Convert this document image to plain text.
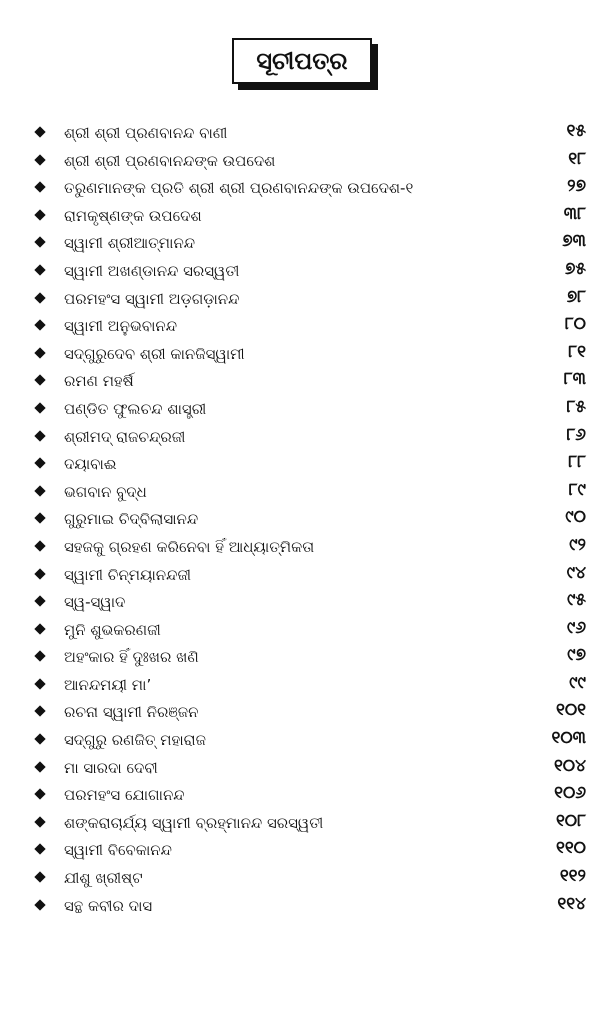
ସୂଚୀପତ୍ର
ଶ୍ରୀ ଶ୍ରୀ ପ୍ରଣବାନନ୍ଦ ବାଣୀ	୧୫
ଶ୍ରୀ ଶ୍ରୀ ପ୍ରଣବାନନ୍ଦଙ୍କ ଉପଦେଶ	୧୮
ତରୁଣମାନଙ୍କ ପ୍ରତି ଶ୍ରୀ ଶ୍ରୀ ପ୍ରଣବାନନ୍ଦଙ୍କ ଉପଦେଶ-୧	୨୭
ରାମକୃଷ୍ଣଙ୍କ ଉପଦେଶ	୩୮
ସ୍ୱାମୀ ଶ୍ରୀଆତ୍ମାନନ୍ଦ	୭୩
ସ୍ୱାମୀ ଅଖଣ୍ଡାନନ୍ଦ ସରସ୍ୱତୀ	୭୫
ପରମହଂସ ସ୍ୱାମୀ ଅଡ଼ଗଡ଼ାନନ୍ଦ	୭୮
ସ୍ୱାମୀ ଅନୁଭବାନନ୍ଦ	୮୦
ସଦ୍‌ଗୁରୁଦେବ ଶ୍ରୀ କାନଜିସ୍ୱାମୀ	୮୧
ରମଣ ମହର୍ଷି	୮୩
ପଣ୍ଡିତ ଫୁଲଚନ୍ଦ ଶାସ୍ତ୍ରୀ	୮୫
ଶ୍ରୀମଦ୍ ରାଜଚନ୍ଦ୍ରଜୀ	୮୬
ଦୟାବାଈ	୮୮
ଭଗବାନ ବୁଦ୍ଧ	୮୯
ଗୁରୁମାଇ ଚିଦ୍‌ବିଲାସାନନ୍ଦ	୯୦
ସହଜକୁ ଗ୍ରହଣ କରିନେବା ହିଁ ଆଧ୍ୟାତ୍ମିକତା	୯୨
ସ୍ୱାମୀ ଚିନ୍ମୟାନନ୍ଦଜୀ	୯୪
ସ୍ୱ-ସ୍ୱାଦ	୯୫
ମୁନି ଶୁଭକରଣଜୀ	୯୬
ଅହଂକାର ହିଁ ଦୁଃଖର ଖଣି	୯୭
ଆନନ୍ଦମୟୀ ମା’	୯୯
ରଚନା ସ୍ୱାମୀ ନିରଞ୍ଜନ	୧୦୧
ସଦ୍‌ଗୁରୁ ରଣଜିତ୍ ମହାରାଜ	୧୦୩
ମା ସାରଦା ଦେବୀ	୧୦୪
ପରମହଂସ ଯୋଗାନନ୍ଦ	୧୦୬
ଶଙ୍କରାଚାର୍ଯ୍ୟ ସ୍ୱାମୀ ବ୍ରହ୍ମାନନ୍ଦ ସରସ୍ୱତୀ	୧୦୮
ସ୍ୱାମୀ ବିବେକାନନ୍ଦ	୧୧୦
ଯୀଶୁ ଖ୍ରୀଷ୍ଟ	୧୧୨
ସନ୍ଥ କବୀର ଦାସ	୧୧୪
